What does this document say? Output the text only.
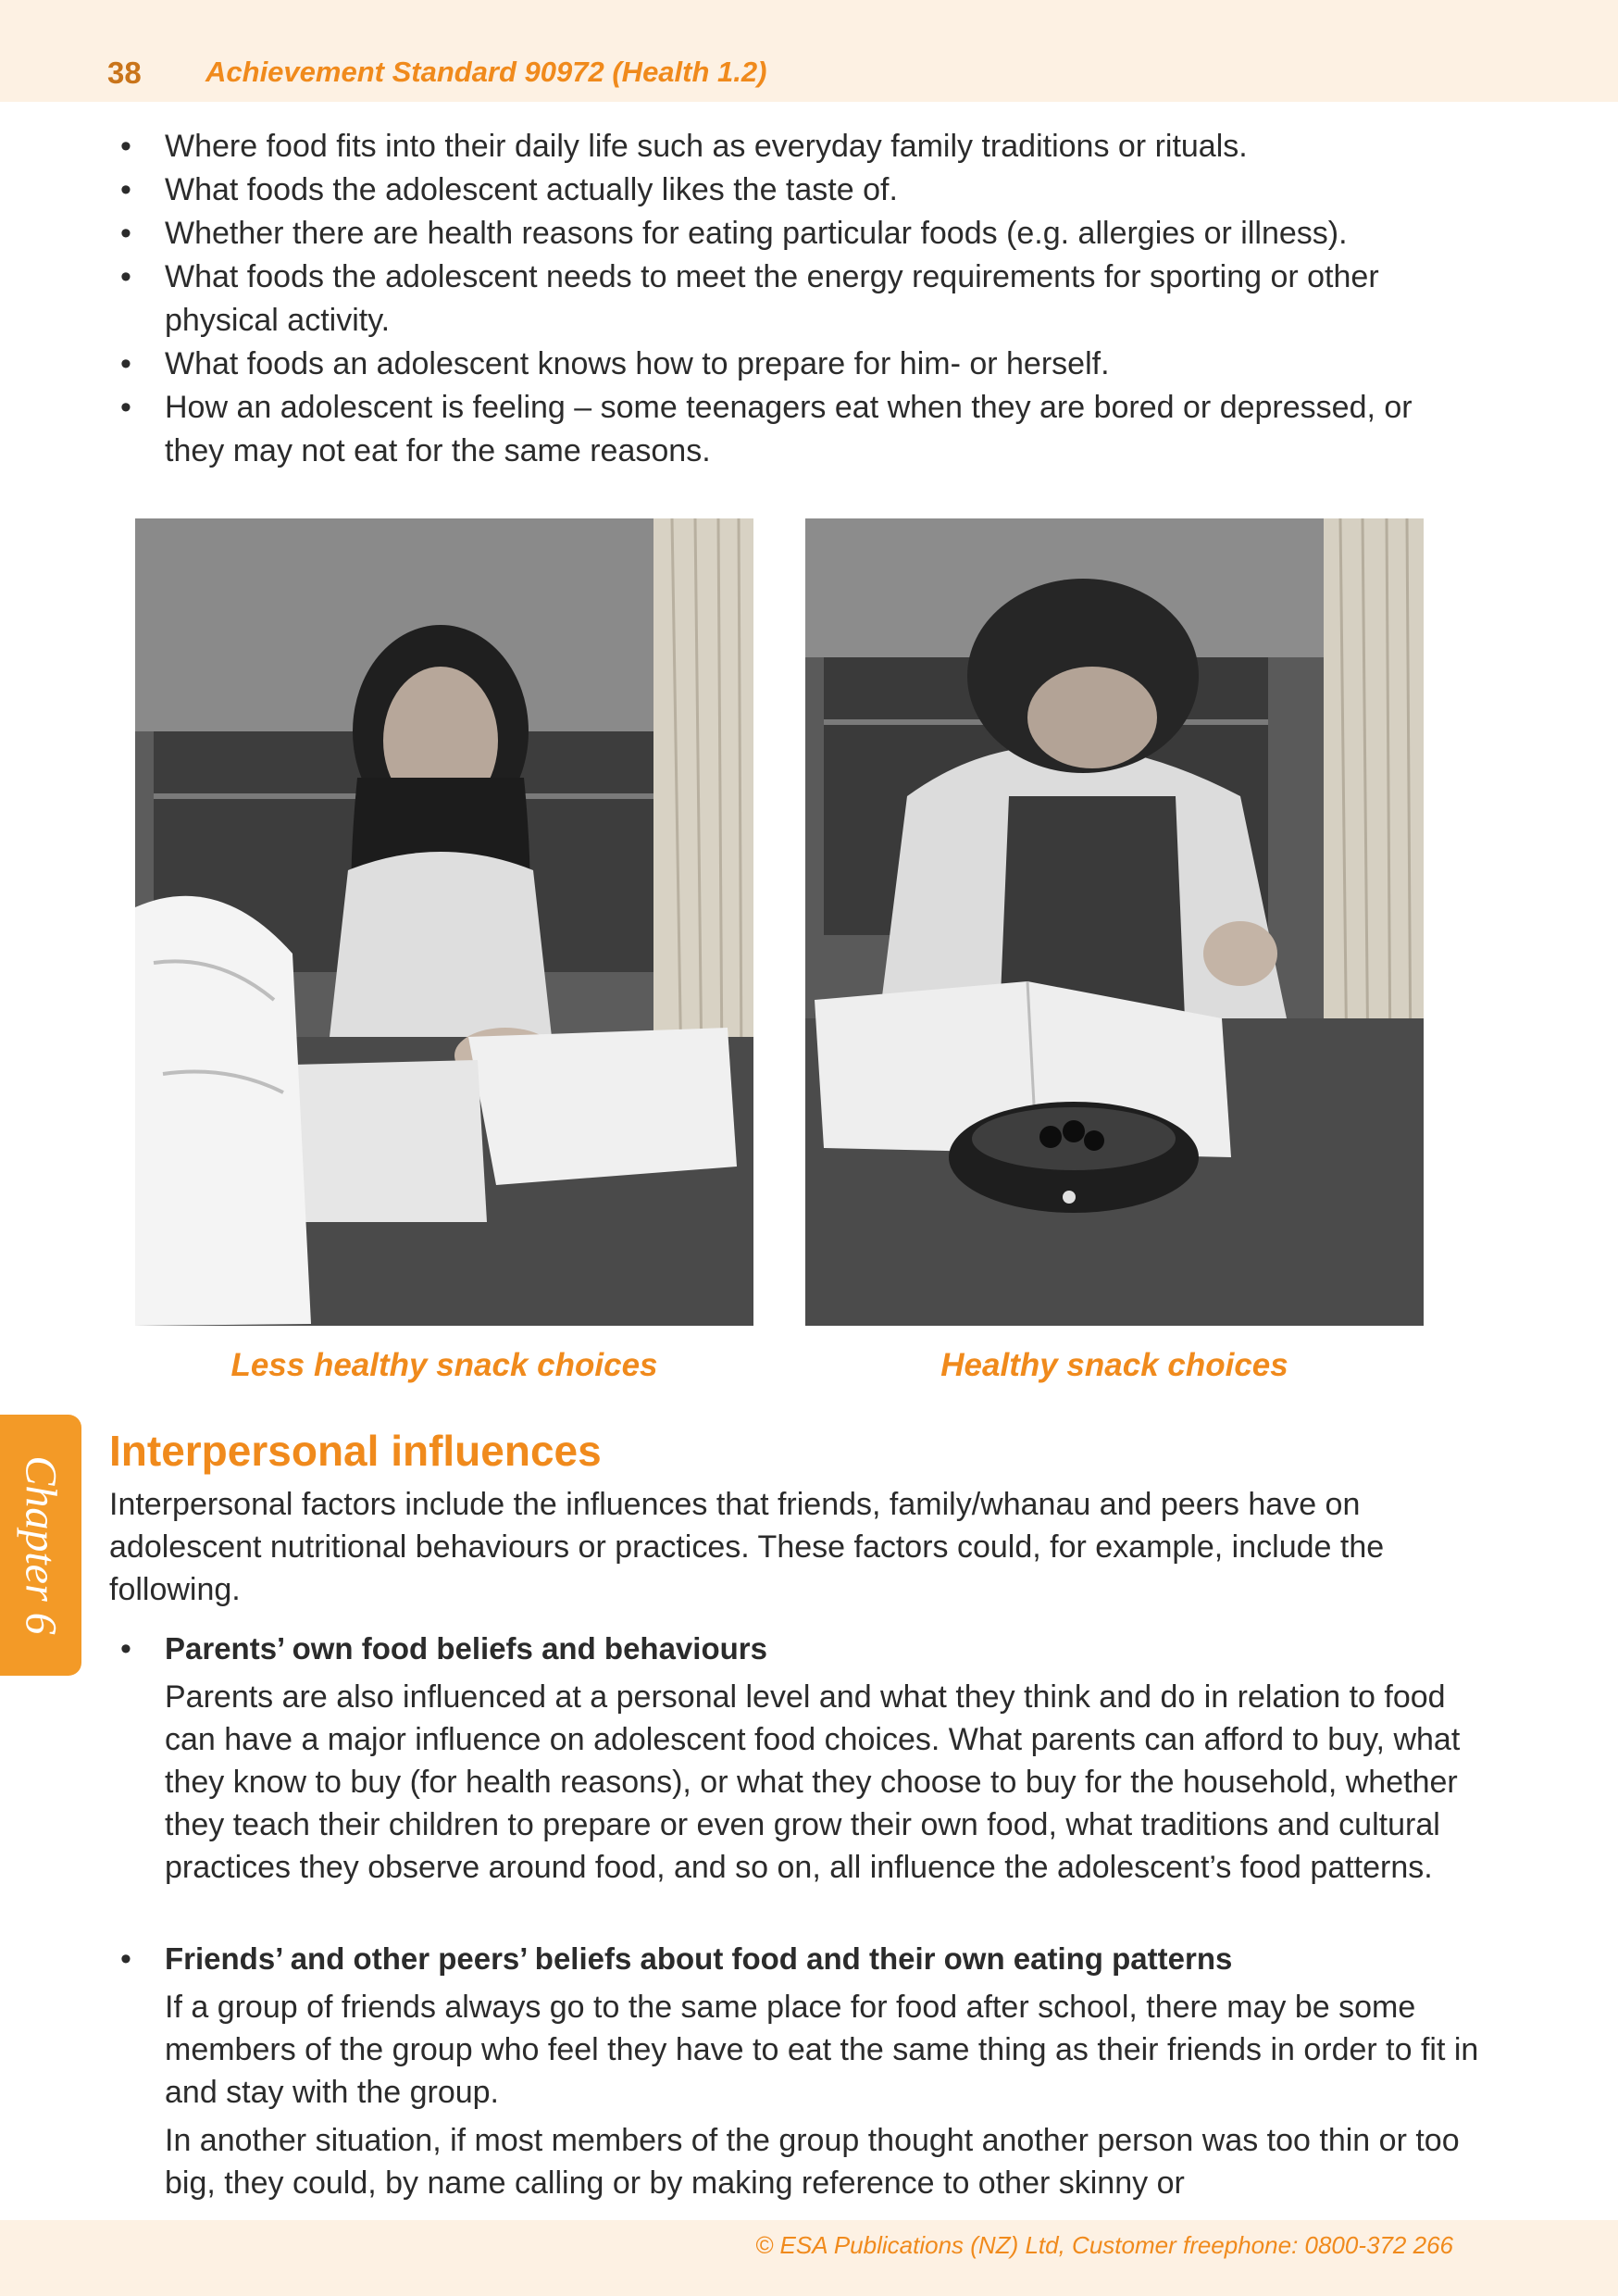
38 Achievement Standard 90972 (Health 1.2)
• Where food fits into their daily life such as everyday family traditions or rituals.
• What foods the adolescent actually likes the taste of.
• Whether there are health reasons for eating particular foods (e.g. allergies or illness).
• What foods the adolescent needs to meet the energy requirements for sporting or other physical activity.
• What foods an adolescent knows how to prepare for him- or herself.
• How an adolescent is feeling – some teenagers eat when they are bored or depressed, or they may not eat for the same reasons.
Less healthy snack choices	Healthy snack choices
Chapter 6
Interpersonal influences

Interpersonal factors include the influences that friends, family/whanau and peers have on adolescent nutritional behaviours or practices. These factors could, for example, include the following.

• Parents’ own food beliefs and behaviours

Parents are also influenced at a personal level and what they think and do in relation to food can have a major influence on adolescent food choices. What parents can afford to buy, what they know to buy (for health reasons), or what they choose to buy for the household, whether they teach their children to prepare or even grow their own food, what traditions and cultural practices they observe around food, and so on, all influence the adolescent’s food patterns.

• Friends’ and other peers’ beliefs about food and their own eating patterns

If a group of friends always go to the same place for food after school, there may be some members of the group who feel they have to eat the same thing as their friends in order to fit in and stay with the group.

In another situation, if most members of the group thought another person was too thin or too big, they could, by name calling or by making reference to other skinny or

© ESA Publications (NZ) Ltd, Customer freephone: 0800-372 266
